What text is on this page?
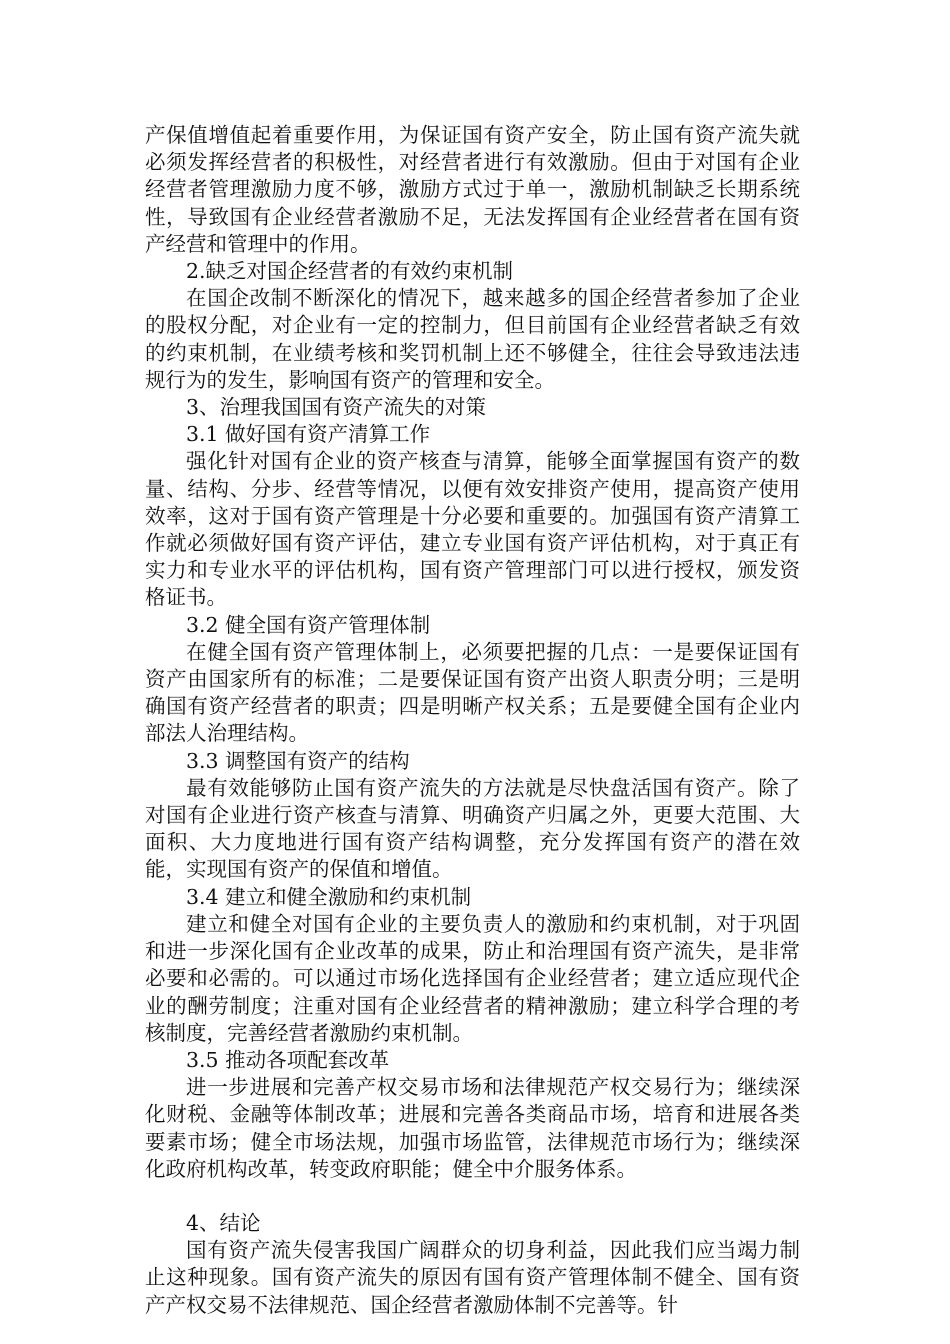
产保值增值起着重要作用，为保证国有资产安全，防止国有资产流失就必须发挥经营者的积极性，对经营者进行有效激励。但由于对国有企业经营者管理激励力度不够，激励方式过于单一，激励机制缺乏长期系统性，导致国有企业经营者激励不足，无法发挥国有企业经营者在国有资产经营和管理中的作用。

2.缺乏对国企经营者的有效约束机制

在国企改制不断深化的情况下，越来越多的国企经营者参加了企业的股权分配，对企业有一定的控制力，但目前国有企业经营者缺乏有效的约束机制，在业绩考核和奖罚机制上还不够健全，往往会导致违法违规行为的发生，影响国有资产的管理和安全。

3、治理我国国有资产流失的对策

3.1 做好国有资产清算工作

强化针对国有企业的资产核查与清算，能够全面掌握国有资产的数量、结构、分步、经营等情况，以便有效安排资产使用，提高资产使用效率，这对于国有资产管理是十分必要和重要的。加强国有资产清算工作就必须做好国有资产评估，建立专业国有资产评估机构，对于真正有实力和专业水平的评估机构，国有资产管理部门可以进行授权，颁发资格证书。

3.2 健全国有资产管理体制

在健全国有资产管理体制上，必须要把握的几点：一是要保证国有资产由国家所有的标准；二是要保证国有资产出资人职责分明；三是明确国有资产经营者的职责；四是明晰产权关系；五是要健全国有企业内部法人治理结构。

3.3 调整国有资产的结构

最有效能够防止国有资产流失的方法就是尽快盘活国有资产。除了对国有企业进行资产核查与清算、明确资产归属之外，更要大范围、大面积、大力度地进行国有资产结构调整，充分发挥国有资产的潜在效能，实现国有资产的保值和增值。

3.4 建立和健全激励和约束机制

建立和健全对国有企业的主要负责人的激励和约束机制，对于巩固和进一步深化国有企业改革的成果，防止和治理国有资产流失，是非常必要和必需的。可以通过市场化选择国有企业经营者；建立适应现代企业的酬劳制度；注重对国有企业经营者的精神激励；建立科学合理的考核制度，完善经营者激励约束机制。

3.5 推动各项配套改革

进一步进展和完善产权交易市场和法律规范产权交易行为；继续深化财税、金融等体制改革；进展和完善各类商品市场，培育和进展各类要素市场；健全市场法规，加强市场监管，法律规范市场行为；继续深化政府机构改革，转变政府职能；健全中介服务体系。

4、结论

国有资产流失侵害我国广阔群众的切身利益，因此我们应当竭力制止这种现象。国有资产流失的原因有国有资产管理体制不健全、国有资产产权交易不法律规范、国企经营者激励体制不完善等。针
